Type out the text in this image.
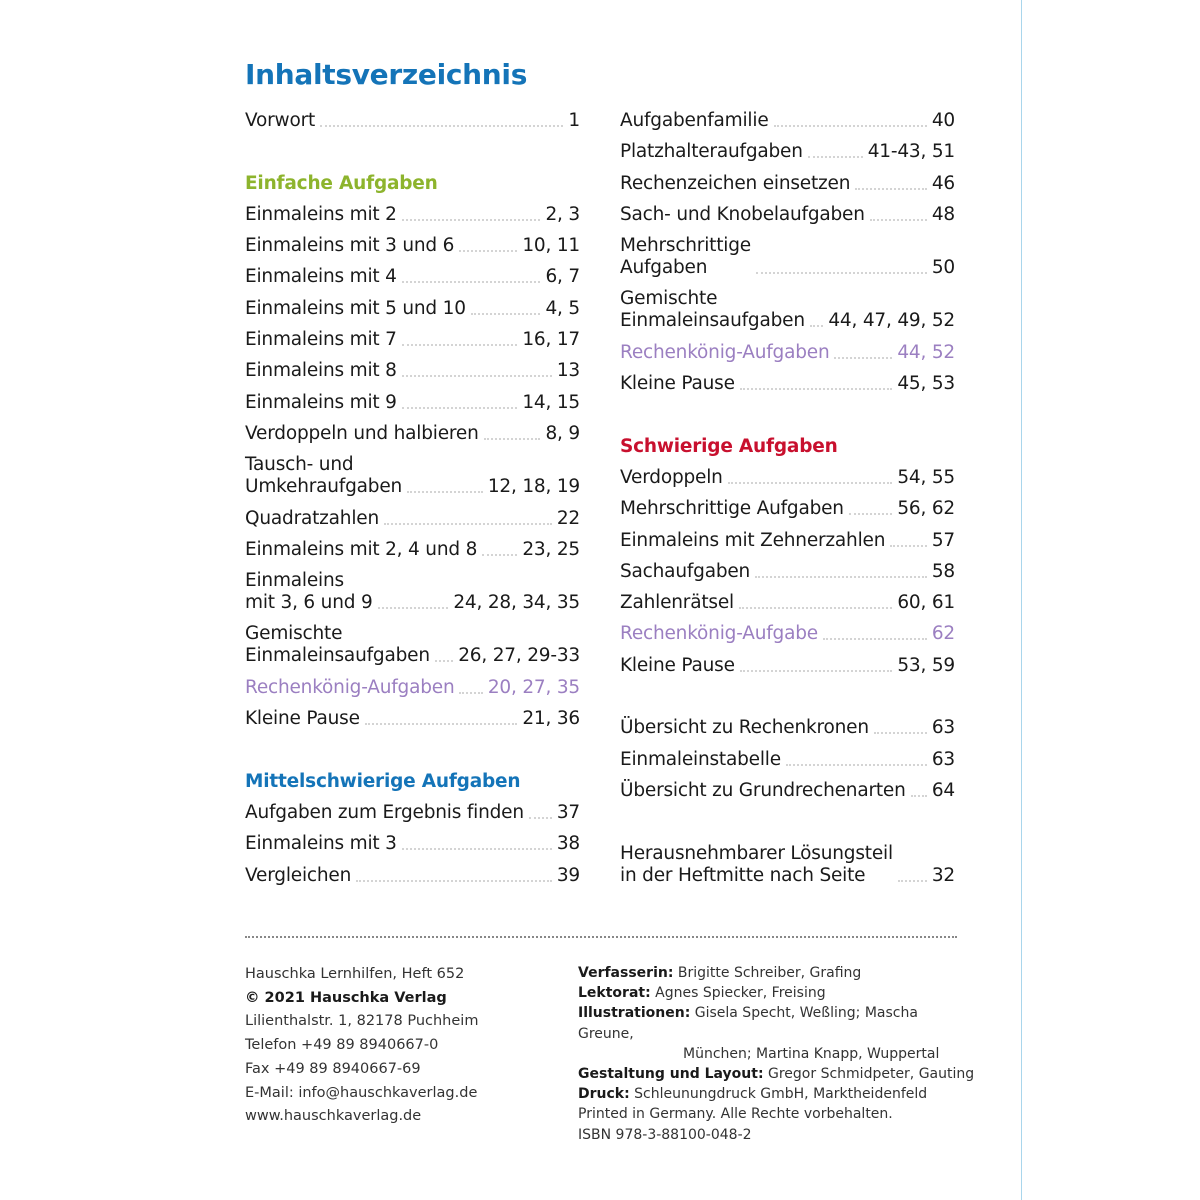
Inhaltsverzeichnis
Vorwort	1
Einfache Aufgaben
Einmaleins mit 2	2, 3
Einmaleins mit 3 und 6	10, 11
Einmaleins mit 4	6, 7
Einmaleins mit 5 und 10	4, 5
Einmaleins mit 7	16, 17
Einmaleins mit 8	13
Einmaleins mit 9	14, 15
Verdoppeln und halbieren	8, 9
Tausch- und
Umkehraufgaben	12, 18, 19
Quadratzahlen	22
Einmaleins mit 2, 4 und 8 23, 25
Einmaleins
mit 3, 6 und 9	24, 28, 34, 35
Gemischte
Einmaleinsaufgaben 26, 27, 29-33
Rechenkönig-Aufgaben 20, 27, 35
Kleine Pause	21, 36
Mittelschwierige Aufgaben
Aufgaben zum Ergebnis finden 37
Einmaleins mit 3	38
Vergleichen	39
Aufgabenfamilie	40
Platzhalteraufgaben	41-43, 51
Rechenzeichen einsetzen	46
Sach- und Knobelaufgaben	48
Mehrschrittige
Aufgaben	50
Gemischte
Einmaleinsaufgaben 44, 47, 49, 52
Rechenkönig-Aufgaben	44, 52
Kleine Pause	45, 53
Schwierige Aufgaben
Verdoppeln	54, 55
Mehrschrittige Aufgaben	56, 62
Einmaleins mit Zehnerzahlen	57
Sachaufgaben	58
Zahlenrätsel	60, 61
Rechenkönig-Aufgabe	62
Kleine Pause	53, 59
Übersicht zu Rechenkronen	63
Einmaleinstabelle	63
Übersicht zu Grundrechenarten 64
Herausnehmbarer Lösungsteil
in der Heftmitte nach Seite	32
Hauschka Lernhilfen, Heft 652
© 2021 Hauschka Verlag
Lilienthalstr. 1, 82178 Puchheim
Telefon +49 89 8940667-0
Fax +49 89 8940667-69
E-Mail: info@hauschkaverlag.de
www.hauschkaverlag.de
Verfasserin: Brigitte Schreiber, Grafing
Lektorat: Agnes Spiecker, Freising
Illustrationen: Gisela Specht, Weßling; Mascha Greune,
München; Martina Knapp, Wuppertal
Gestaltung und Layout: Gregor Schmidpeter, Gauting
Druck: Schleunungdruck GmbH, Marktheidenfeld
Printed in Germany. Alle Rechte vorbehalten.
ISBN 978-3-88100-048-2
